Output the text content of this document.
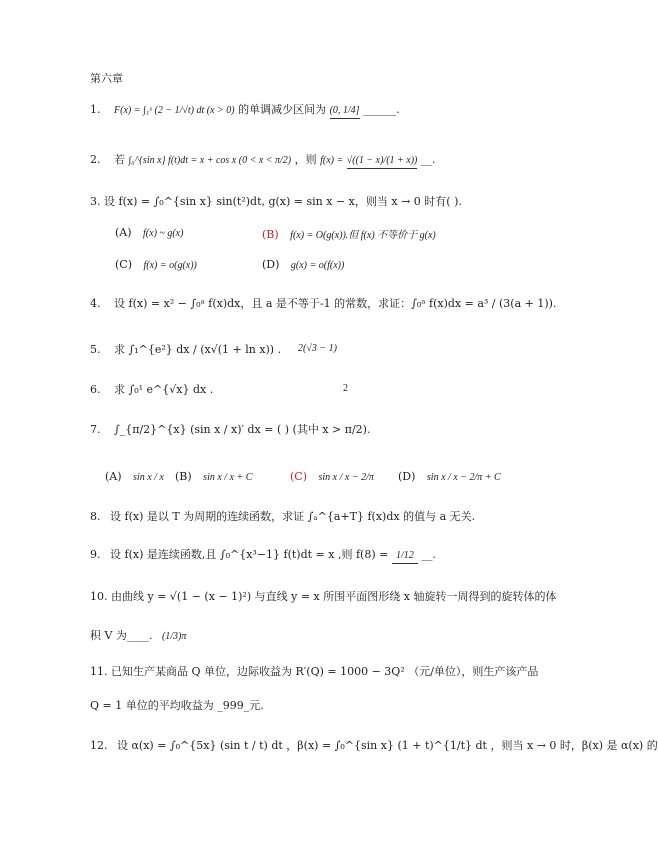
第六章
1. F(x) = ∫₁ˣ (2 − 1/√t) dt (x > 0) 的单调减少区间为 (0, 1/4] ______.
2. 若 ∫₀^{sin x} f(t)dt = x + cos x (0 < x < π/2) ，则 f(x) = √((1 − x)/(1 + x)) __.
3. 设 f(x) = ∫₀^{sin x} sin(t²)dt, g(x) = sin x − x，则当 x → 0 时有( ).
(A) f(x) ~ g(x)	(B) f(x) = O(g(x)).但 f(x) 不等价于 g(x)
(C) f(x) = o(g(x))	(D) g(x) = o(f(x))
4. 设 f(x) = x² − ∫₀ᵃ f(x)dx，且 a 是不等于-1 的常数，求证：∫₀ᵃ f(x)dx = a³ / (3(a + 1)).
5. 求 ∫₁^{e²} dx / (x√(1 + ln x)) . 2(√3 − 1)
6. 求 ∫₀¹ e^{√x} dx .	2
7. ∫_{π/2}^{x} (sin x / x)′ dx = ( ) (其中 x > π/2).
(A) sin x / x (B) sin x / x + C	(C) sin x / x − 2/π (D) sin x / x − 2/π + C
8. 设 f(x) 是以 T 为周期的连续函数，求证 ∫ₐ^{a+T} f(x)dx 的值与 a 无关.
9. 设 f(x) 是连续函数,且 ∫₀^{x³−1} f(t)dt = x ,则 f(8) = 1/12 __.
10. 由曲线 y = √(1 − (x − 1)²) 与直线 y = x 所围平面图形绕 x 轴旋转一周得到的旋转体的体
积 V 为____. (1/3)π
11. 已知生产某商品 Q 单位，边际收益为 R′(Q) = 1000 − 3Q² （元/单位），则生产该产品
Q = 1 单位的平均收益为 _999_元.
12. 设 α(x) = ∫₀^{5x} (sin t / t) dt ，β(x) = ∫₀^{sin x} (1 + t)^{1/t} dt ，则当 x → 0 时，β(x) 是 α(x) 的
